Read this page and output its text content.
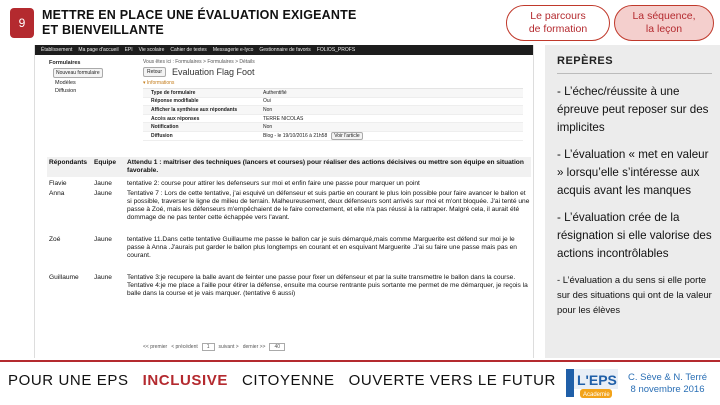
9
METTRE EN PLACE UNE ÉVALUATION EXIGEANTE
ET BIENVEILLANTE
Le parcours
de formation
La séquence,
la leçon
Établissement Ma page d'accueil EPI Vie scolaire Cahier de textes Messagerie e-lyco Gestionnaire de favoris FOLIOS_PROFS
Formulaires
Nouveau formulaire
Modèles
Diffusion
Vous êtes ici : Formulaires > Formulaires > Détails
Retour	Evaluation Flag Foot
▾ Informations
Type de formulaire	Authentifié
Réponse modifiable	Oui
Afficher la synthèse aux répondants	Non
Accès aux réponses	TERRE NICOLAS
Notification	Non
Diffusion	Blog - le 19/10/2016 à 21h58	Voir l'article
Répondants	Equipe	Attendu 1 : maîtriser des techniques (lancers et courses) pour réaliser des actions décisives ou mettre son équipe en situation favorable.
Flavie	Jaune	tentative 2: course pour attirer les defenseurs sur moi et enfin faire une passe pour marquer un point
Anna	Jaune	Tentative 7 : Lors de cette tentative, j'ai esquivé un défenseur et suis partie en courant le plus loin possible pour faire avancer le ballon et si possible, traverser le ligne de milieu de terrain. Malheureusement, deux défenseurs sont arrivés sur moi et m'ont bloquée. J'ai tenté une passe à Zoé, mais les défenseurs m'empêchaient de le faire correctement, et elle n'a pas réussi à la rattraper. Malgré cela, il aurait été dommage de ne pas tenter cette échappée vers l'avant.
Zoé	Jaune	tentative 11.Dans cette tentative Guillaume me passe le ballon car je suis démarqué,mais comme Marguerite est défend sur moi je le passe à Anna .J'aurais put garder le ballon plus longtemps en courant et en esquivant Marguerite .J'ai su faire une passe mais pas en courant.
Guillaume	Jaune	Tentative 3:je recupere la balle avant de feinter une passe pour fixer un défenseur et par la suite transmettre le ballon dans la course.
Tentative 4:je me place a l'aille pour étirer la défense, ensuite ma course rentrante puis sortante me permet de me démarquer, je reçois la balle dans la course et je vais marquer. (tentative 6 aussi)
<< premier < précédent	1	suivant > dernier >>	40
REPÈRES
- L’échec/réussite à une épreuve peut reposer sur des implicites
- L’évaluation « met en valeur » lorsqu’elle s’intéresse aux acquis avant les manques
- L’évaluation crée de la résignation si elle valorise des actions incontrôlables
- L’évaluation a du sens si elle porte sur des situations qui ont de la valeur pour les élèves
POUR UNE EPS INCLUSIVE CITOYENNE OUVERTE VERS LE FUTUR L'EPS
Academie
C. Sève & N. Terré
8 novembre 2016
